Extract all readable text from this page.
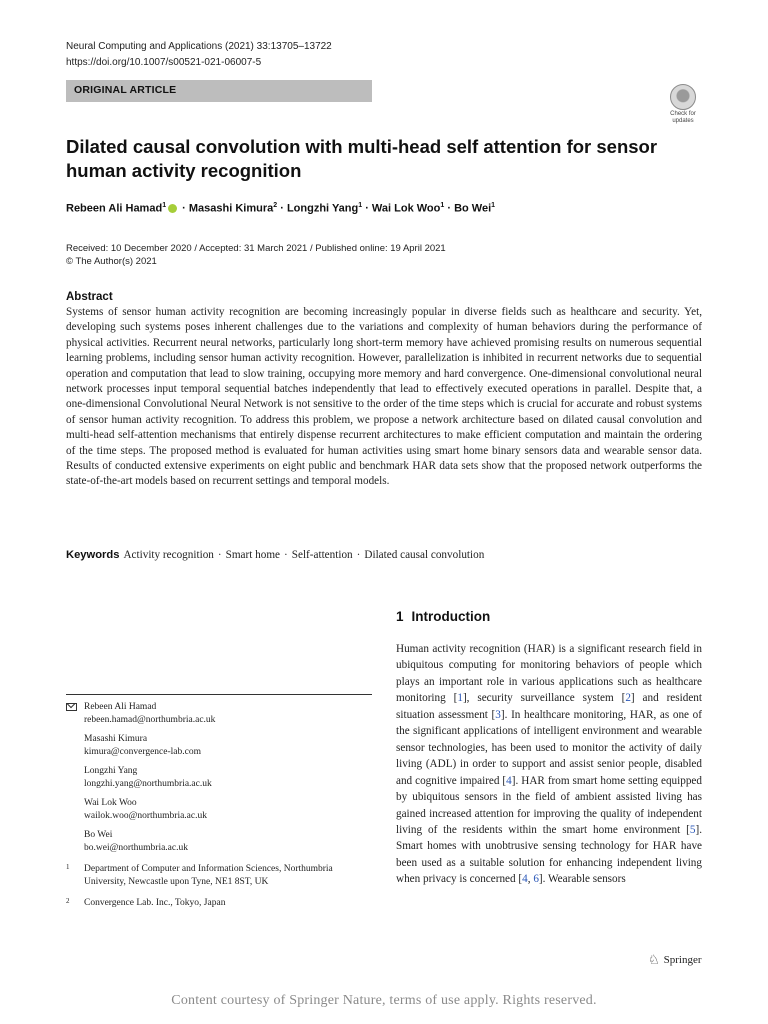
Neural Computing and Applications (2021) 33:13705–13722
https://doi.org/10.1007/s00521-021-06007-5
ORIGINAL ARTICLE
Check for
updates
Dilated causal convolution with multi-head self attention for sensor human activity recognition
Rebeen Ali Hamad$^1$ · Masashi Kimura$^2$ · Longzhi Yang$^1$ · Wai Lok Woo$^1$ · Bo Wei$^1$
Received: 10 December 2020 / Accepted: 31 March 2021 / Published online: 19 April 2021
© The Author(s) 2021
Abstract
Systems of sensor human activity recognition are becoming increasingly popular in diverse fields such as healthcare and security. Yet, developing such systems poses inherent challenges due to the variations and complexity of human behaviors during the performance of physical activities. Recurrent neural networks, particularly long short-term memory have achieved promising results on numerous sequential learning problems, including sensor human activity recognition. However, parallelization is inhibited in recurrent networks due to sequential operation and computation that lead to slow training, occupying more memory and hard convergence. One-dimensional convolutional neural network processes input temporal sequential batches independently that lead to effectively executed operations in parallel. Despite that, a one-dimensional Convolutional Neural Network is not sensitive to the order of the time steps which is crucial for accurate and robust systems of sensor human activity recognition. To address this problem, we propose a network architecture based on dilated causal convolution and multi-head self-attention mechanisms that entirely dispense recurrent architectures to make efficient computation and maintain the ordering of the time steps. The proposed method is evaluated for human activities using smart home binary sensors data and wearable sensor data. Results of conducted extensive experiments on eight public and benchmark HAR data sets show that the proposed network outperforms the state-of-the-art models based on recurrent settings and temporal models.
Keywords Activity recognition · Smart home · Self-attention · Dilated causal convolution
1 Introduction
Human activity recognition (HAR) is a significant research field in ubiquitous computing for monitoring behaviors of people which plays an important role in various applications such as healthcare monitoring [1], security surveillance system [2] and resident situation assessment [3]. In healthcare monitoring, HAR, as one of the significant applications of intelligent environment and wearable sensor technologies, has been used to monitor the activity of daily living (ADL) in order to support and assist senior people, disabled and cognitive impaired [4]. HAR from smart home setting equipped by ubiquitous sensors in the field of ambient assisted living has gained increased attention for improving the quality of independent living of the residents within the smart home environment [5]. Smart homes with unobtrusive sensing technology for HAR have been used as a suitable solution for enhancing independent living when privacy is concerned [4, 6]. Wearable sensors
Rebeen Ali Hamad
rebeen.hamad@northumbria.ac.uk
Masashi Kimura
kimura@convergence-lab.com
Longzhi Yang
longzhi.yang@northumbria.ac.uk
Wai Lok Woo
wailok.woo@northumbria.ac.uk
Bo Wei
bo.wei@northumbria.ac.uk
1 Department of Computer and Information Sciences, Northumbria University, Newcastle upon Tyne, NE1 8ST, UK
2 Convergence Lab. Inc., Tokyo, Japan
♘ Springer
Content courtesy of Springer Nature, terms of use apply. Rights reserved.
